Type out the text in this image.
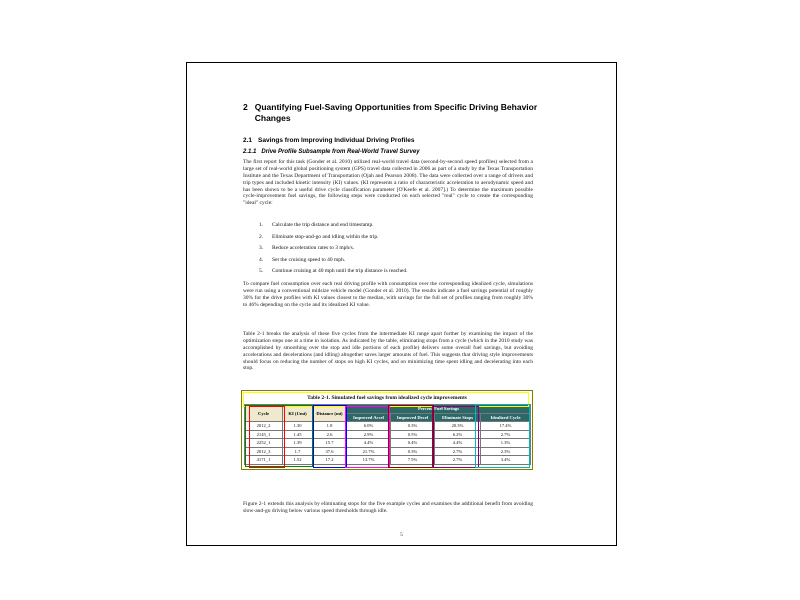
2 Quantifying Fuel-Saving Opportunities from Specific Driving Behavior Changes
2.1 Savings from Improving Individual Driving Profiles
2.1.1 Drive Profile Subsample from Real-World Travel Survey
The first report for this task (Gonder et al. 2010) utilized real-world travel data (second-by-second speed profiles) selected from a large set of real-world global positioning system (GPS) travel data collected in 2006 as part of a study by the Texas Transportation Institute and the Texas Department of Transportation (Ojah and Pearson 2008). The data were collected over a range of drivers and trip types and included kinetic intensity (KI) values. (KI represents a ratio of characteristic acceleration to aerodynamic speed and has been shown to be a useful drive cycle classification parameter [O'Keefe et al. 2007].) To determine the maximum possible cycle-improvement fuel savings, the following steps were conducted on each selected "real" cycle to create the corresponding "ideal" cycle:
1.	Calculate the trip distance and end timestamp.
2.	Eliminate stop-and-go and idling within the trip.
3.	Reduce acceleration rates to 3 mph/s.
4.	Set the cruising speed to 40 mph.
5.	Continue cruising at 40 mph until the trip distance is reached.
To compare fuel consumption over each real driving profile with consumption over the corresponding idealized cycle, simulations were run using a conventional midsize vehicle model (Gonder et al. 2010). The results indicate a fuel savings potential of roughly 30% for the drive profiles with KI values closest to the median, with savings for the full set of profiles ranging from roughly 30% to 46% depending on the cycle and its idealized KI value.
Table 2-1 breaks the analysis of these five cycles from the intermediate KI range apart further by examining the impact of the optimization steps one at a time in isolation. As indicated by the table, eliminating stops from a cycle (which in the 2010 study was accomplished by smoothing over the stop and idle portions of each profile) delivers some overall fuel savings, but avoiding accelerations and decelerations (and idling) altogether saves larger amounts of fuel. This suggests that driving style improvements should focus on reducing the number of stops on high KI cycles, and on minimizing time spent idling and decelerating into each stop.
Table 2-1. Simulated fuel savings from idealized cycle improvements
Cycle	KI (1/mi)	Distance (mi)	Percent Fuel Savings			
			Improved Accel	Improved Decel	Eliminate Stops	Idealized Cycle
2012_2	1.30	1.8	6.0%	0.3%	20.3%	17.4%
2145_1	1.45	2.6	2.9%	0.5%	6.2%	2.7%
2252_1	1.39	15.7	4.4%	0.4%	4.4%	1.3%
2012_3	1.7	37.6	21.7%	0.3%	2.7%	2.3%
4171_1	1.52	17.2	13.7%	7.5%	2.7%	3.4%
Figure 2-1 extends this analysis by eliminating stops for the five example cycles and examines the additional benefit from avoiding slow-and-go driving below various speed thresholds through idle.
5
